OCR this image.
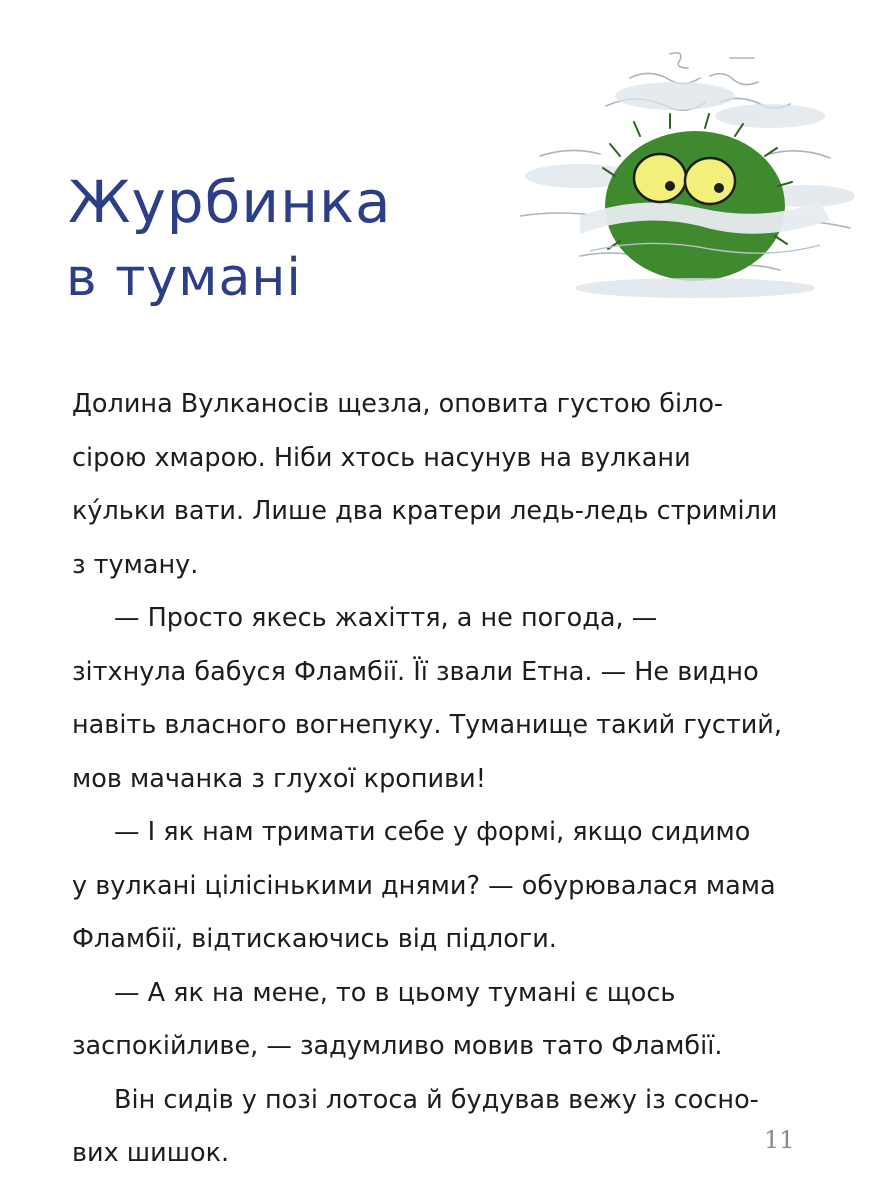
Журбинка
в тумані
Долина Вулканосів щезла, оповита густою біло-
сірою хмарою. Ніби хтось насунув на вулкани
ку́льки вати. Лише два кратери ледь-ледь стриміли
з туману.
— Просто якесь жахіття, а не погода, —
зітхнула бабуся Фламбії. Її звали Етна. — Не видно
навіть власного вогнепуку. Туманище такий густий,
мов мачанка з глухої кропиви!
— І як нам тримати себе у формі, якщо сидимо
у вулкані цілісінькими днями? — обурювалася мама
Фламбії, відтискаючись від підлоги.
— А як на мене, то в цьому тумані є щось
заспокійливе, — задумливо мовив тато Фламбії.
Він сидів у позі лотоса й будував вежу із сосно-
вих шишок.	11
